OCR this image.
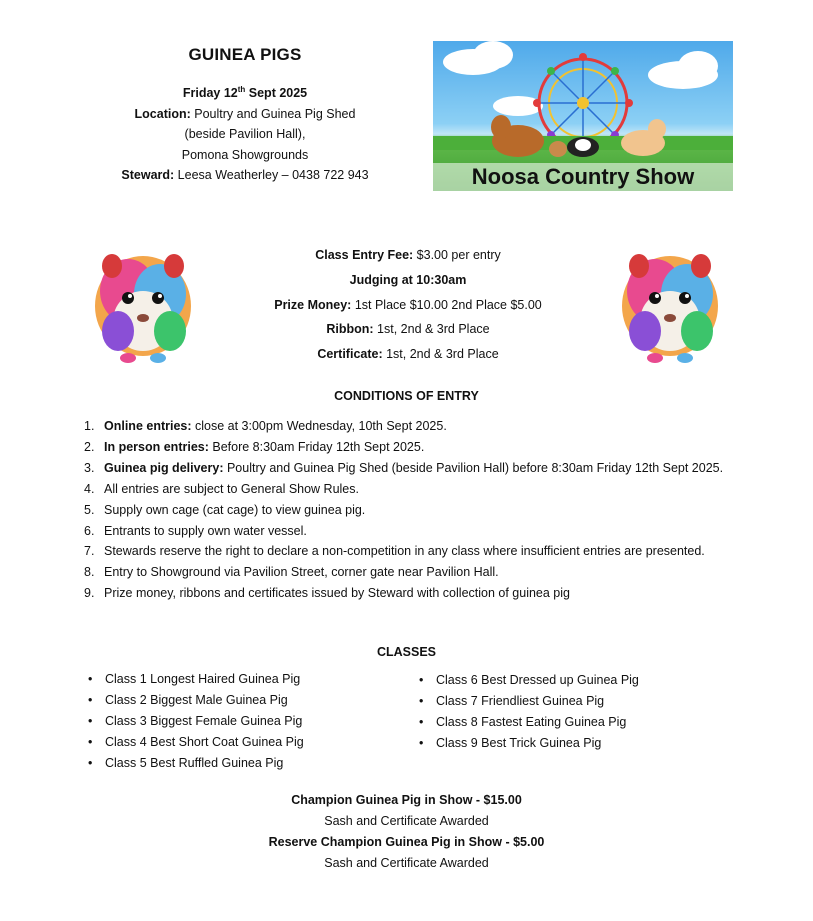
GUINEA PIGS
Friday 12th Sept 2025
Location: Poultry and Guinea Pig Shed
(beside Pavilion Hall),
Pomona Showgrounds
Steward: Leesa Weatherley – 0438 722 943	Noosa Country Show
Class Entry Fee: $3.00 per entry
Judging at 10:30am
Prize Money: 1st Place $10.00 2nd Place $5.00
Ribbon: 1st, 2nd & 3rd Place
Certificate: 1st, 2nd & 3rd Place
CONDITIONS OF ENTRY
1. Online entries: close at 3:00pm Wednesday, 10th Sept 2025.
2. In person entries: Before 8:30am Friday 12th Sept 2025.
3. Guinea pig delivery: Poultry and Guinea Pig Shed (beside Pavilion Hall) before 8:30am Friday 12th Sept 2025.
4. All entries are subject to General Show Rules.
5. Supply own cage (cat cage) to view guinea pig.
6. Entrants to supply own water vessel.
7. Stewards reserve the right to declare a non-competition in any class where insufficient entries are presented.
8. Entry to Showground via Pavilion Street, corner gate near Pavilion Hall.
9. Prize money, ribbons and certificates issued by Steward with collection of guinea pig
CLASSES
• Class 1 Longest Haired Guinea Pig
• Class 2 Biggest Male Guinea Pig
• Class 3 Biggest Female Guinea Pig
• Class 4 Best Short Coat Guinea Pig
• Class 5 Best Ruffled Guinea Pig
• Class 6 Best Dressed up Guinea Pig
• Class 7 Friendliest Guinea Pig
• Class 8 Fastest Eating Guinea Pig
• Class 9 Best Trick Guinea Pig
Champion Guinea Pig in Show - $15.00
Sash and Certificate Awarded
Reserve Champion Guinea Pig in Show - $5.00
Sash and Certificate Awarded
